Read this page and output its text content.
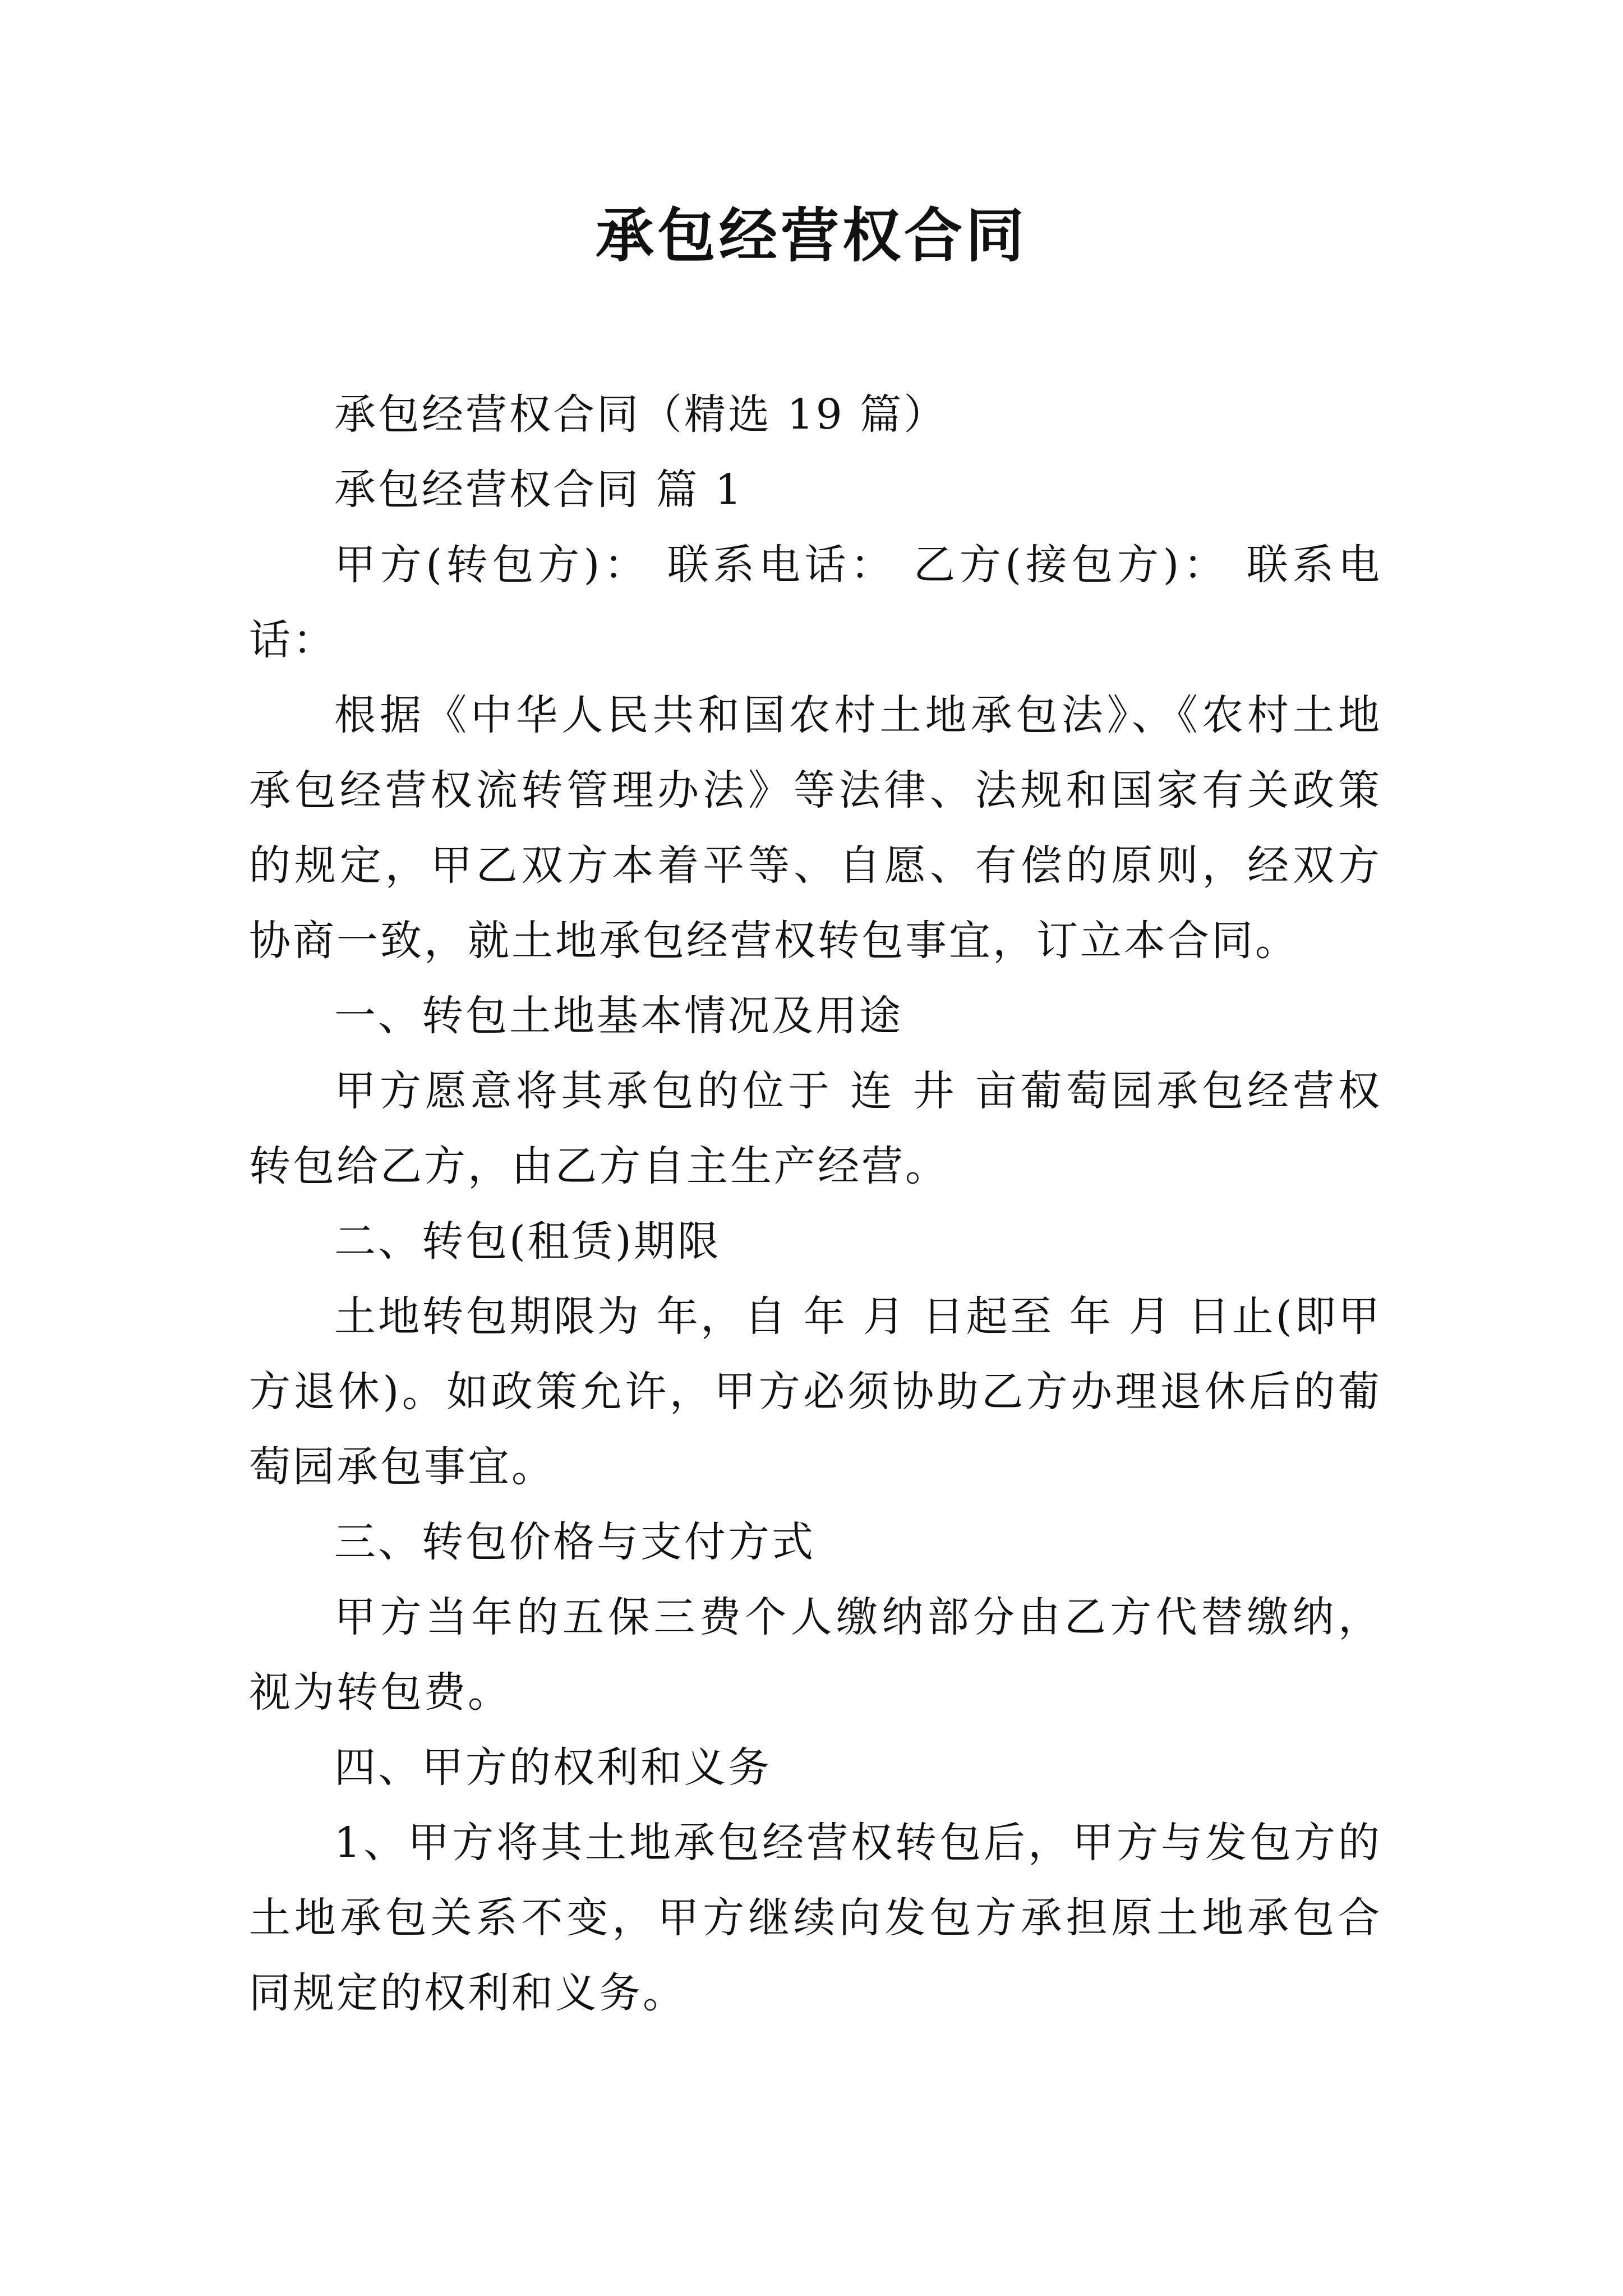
承包经营权合同

承包经营权合同（精选 19 篇）

承包经营权合同 篇 1

甲方(转包方)： 联系电话： 乙方(接包方)： 联系电话：

根据《中华人民共和国农村土地承包法》、《农村土地承包经营权流转管理办法》等法律、法规和国家有关政策的规定，甲乙双方本着平等、自愿、有偿的原则，经双方协商一致，就土地承包经营权转包事宜，订立本合同。

一、转包土地基本情况及用途

甲方愿意将其承包的位于 连 井 亩葡萄园承包经营权转包给乙方，由乙方自主生产经营。

二、转包(租赁)期限

土地转包期限为 年，自 年 月 日起至 年 月 日止(即甲方退休)。如政策允许，甲方必须协助乙方办理退休后的葡萄园承包事宜。

三、转包价格与支付方式

甲方当年的五保三费个人缴纳部分由乙方代替缴纳，视为转包费。

四、甲方的权利和义务

1、甲方将其土地承包经营权转包后，甲方与发包方的土地承包关系不变，甲方继续向发包方承担原土地承包合同规定的权利和义务。
